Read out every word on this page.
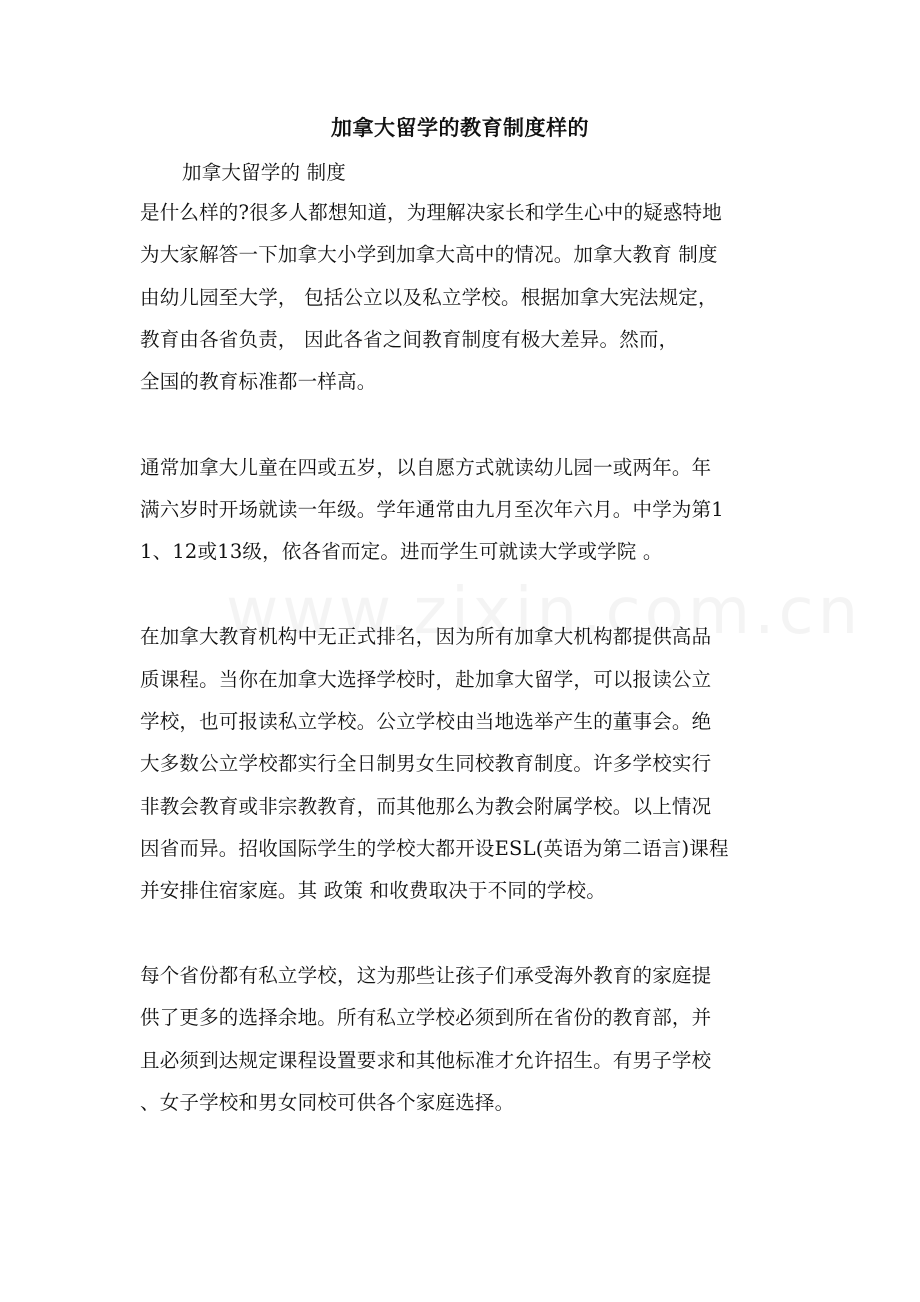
加拿大留学的教育制度样的
加拿大留学的 制度
是什么样的?很多人都想知道，为理解决家长和学生心中的疑惑特地
为大家解答一下加拿大小学到加拿大高中的情况。加拿大教育 制度
由幼儿园至大学， 包括公立以及私立学校。根据加拿大宪法规定，
教育由各省负责， 因此各省之间教育制度有极大差异。然而，
全国的教育标准都一样高。
通常加拿大儿童在四或五岁，以自愿方式就读幼儿园一或两年。年
满六岁时开场就读一年级。学年通常由九月至次年六月。中学为第1
1、12或13级，依各省而定。进而学生可就读大学或学院 。
在加拿大教育机构中无正式排名，因为所有加拿大机构都提供高品
质课程。当你在加拿大选择学校时，赴加拿大留学，可以报读公立
学校，也可报读私立学校。公立学校由当地选举产生的董事会。绝
大多数公立学校都实行全日制男女生同校教育制度。许多学校实行
非教会教育或非宗教教育，而其他那么为教会附属学校。以上情况
因省而异。招收国际学生的学校大都开设ESL(英语为第二语言)课程
并安排住宿家庭。其 政策 和收费取决于不同的学校。
每个省份都有私立学校，这为那些让孩子们承受海外教育的家庭提
供了更多的选择余地。所有私立学校必须到所在省份的教育部，并
且必须到达规定课程设置要求和其他标准才允许招生。有男子学校
、女子学校和男女同校可供各个家庭选择。
